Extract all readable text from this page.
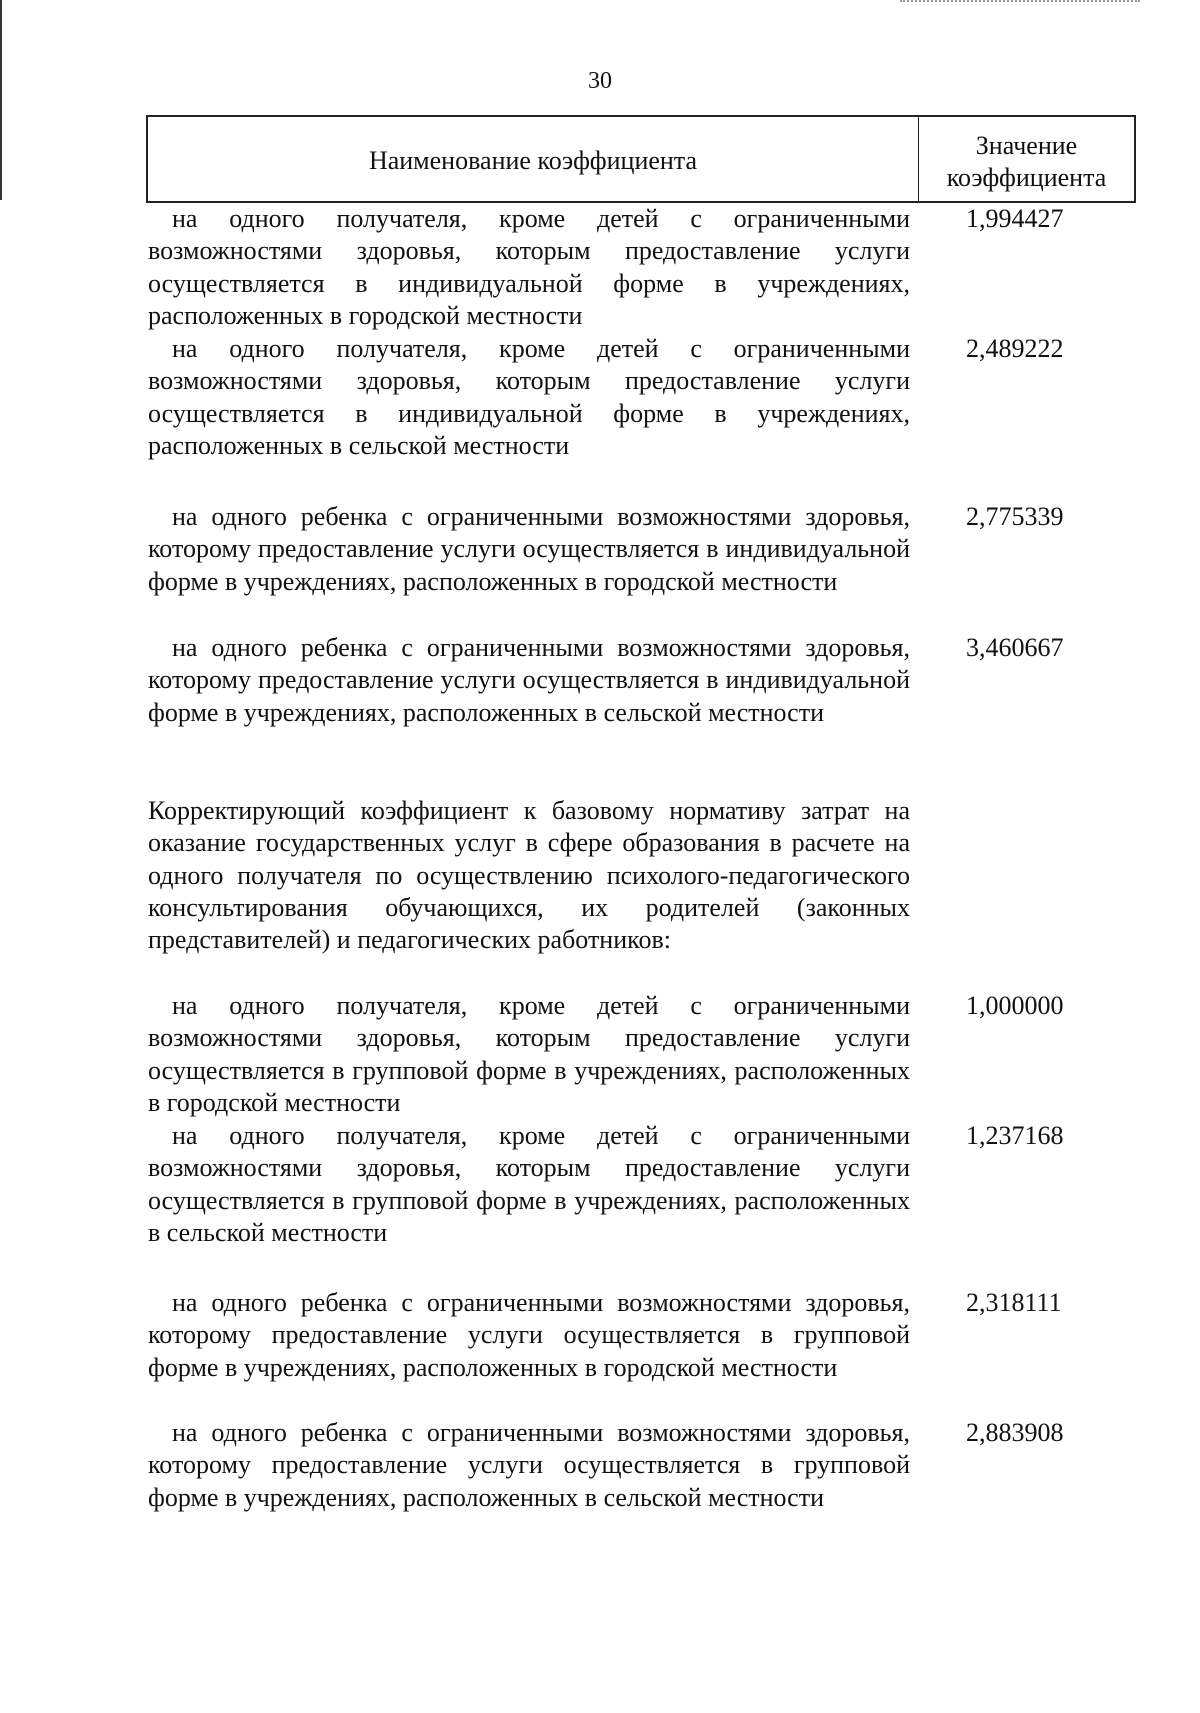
30
Наименование коэффициента
Значение
коэффициента
на одного получателя, кроме детей с ограниченными возможностями здоровья, которым предоставление услуги осуществляется в индивидуальной форме в учреждениях, расположенных в городской местности
1,994427
на одного получателя, кроме детей с ограниченными возможностями здоровья, которым предоставление услуги осуществляется в индивидуальной форме в учреждениях, расположенных в сельской местности
2,489222
на одного ребенка с ограниченными возможностями здоровья, которому предоставление услуги осуществляется в индивидуальной форме в учреждениях, расположенных в городской местности
2,775339
на одного ребенка с ограниченными возможностями здоровья, которому предоставление услуги осуществляется в индивидуальной форме в учреждениях, расположенных в сельской местности
3,460667
Корректирующий коэффициент к базовому нормативу затрат на оказание государственных услуг в сфере образования в расчете на одного получателя по осуществлению психолого-педагогического консультирования обучающихся, их родителей (законных представителей) и педагогических работников:
на одного получателя, кроме детей с ограниченными возможностями здоровья, которым предоставление услуги осуществляется в групповой форме в учреждениях, расположенных в городской местности
1,000000
на одного получателя, кроме детей с ограниченными возможностями здоровья, которым предоставление услуги осуществляется в групповой форме в учреждениях, расположенных в сельской местности
1,237168
на одного ребенка с ограниченными возможностями здоровья, которому предоставление услуги осуществляется в групповой форме в учреждениях, расположенных в городской местности
2,318111
на одного ребенка с ограниченными возможностями здоровья, которому предоставление услуги осуществляется в групповой форме в учреждениях, расположенных в сельской местности
2,883908
